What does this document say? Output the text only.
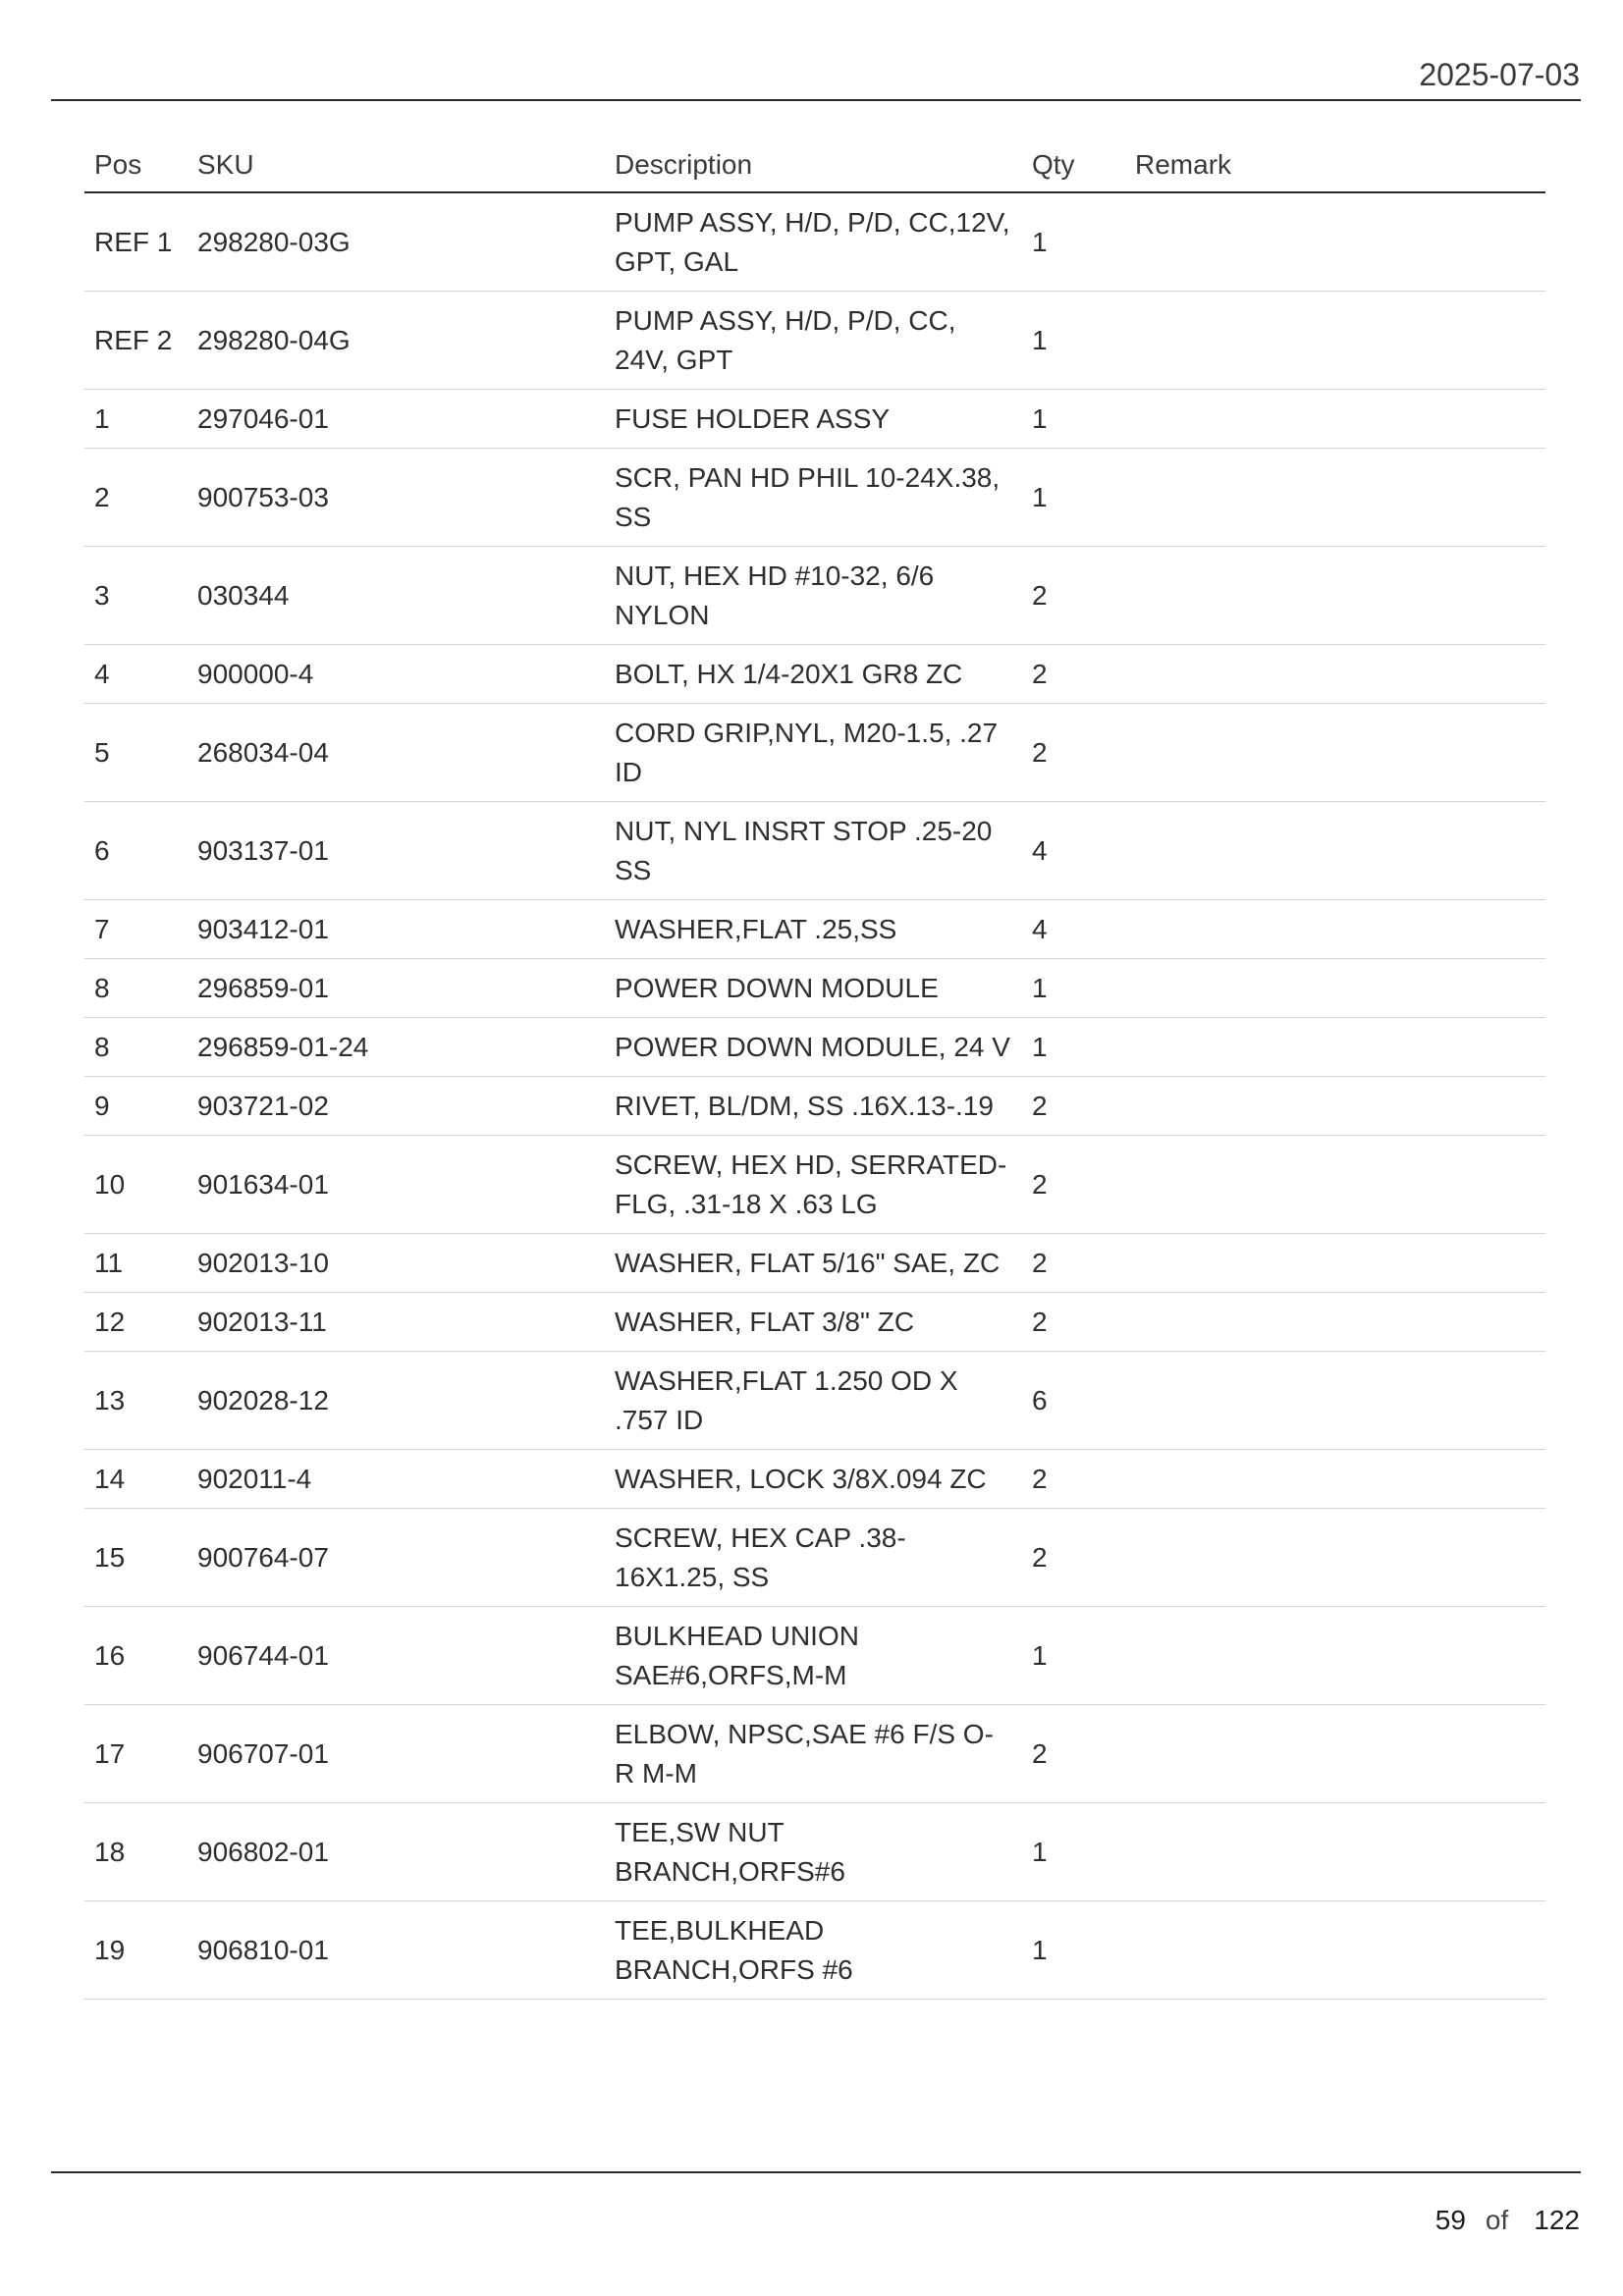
2025-07-03
Pos	SKU	Description	Qty	Remark
REF 1	298280-03G	PUMP ASSY, H/D, P/D, CC,12V, GPT, GAL	1	
REF 2	298280-04G	PUMP ASSY, H/D, P/D, CC, 24V, GPT	1	
1	297046-01	FUSE HOLDER ASSY	1	
2	900753-03	SCR, PAN HD PHIL 10-24X.38, SS	1	
3	030344	NUT, HEX HD #10-32, 6/6 NYLON	2	
4	900000-4	BOLT, HX 1/4-20X1 GR8 ZC	2	
5	268034-04	CORD GRIP,NYL, M20-1.5, .27 ID	2	
6	903137-01	NUT, NYL INSRT STOP .25-20 SS	4	
7	903412-01	WASHER,FLAT .25,SS	4	
8	296859-01	POWER DOWN MODULE	1	
8	296859-01-24	POWER DOWN MODULE, 24 V	1	
9	903721-02	RIVET, BL/DM, SS .16X.13-.19	2	
10	901634-01	SCREW, HEX HD, SERRATED-FLG, .31-18 X .63 LG	2	
11	902013-10	WASHER, FLAT 5/16" SAE, ZC	2	
12	902013-11	WASHER, FLAT 3/8" ZC	2	
13	902028-12	WASHER,FLAT 1.250 OD X .757 ID	6	
14	902011-4	WASHER, LOCK 3/8X.094 ZC	2	
15	900764-07	SCREW, HEX CAP .38-16X1.25, SS	2	
16	906744-01	BULKHEAD UNION SAE#6,ORFS,M-M	1	
17	906707-01	ELBOW, NPSC,SAE #6 F/S O-R M-M	2	
18	906802-01	TEE,SW NUT BRANCH,ORFS#6	1	
19	906810-01	TEE,BULKHEAD BRANCH,ORFS #6	1	
59 of 122
